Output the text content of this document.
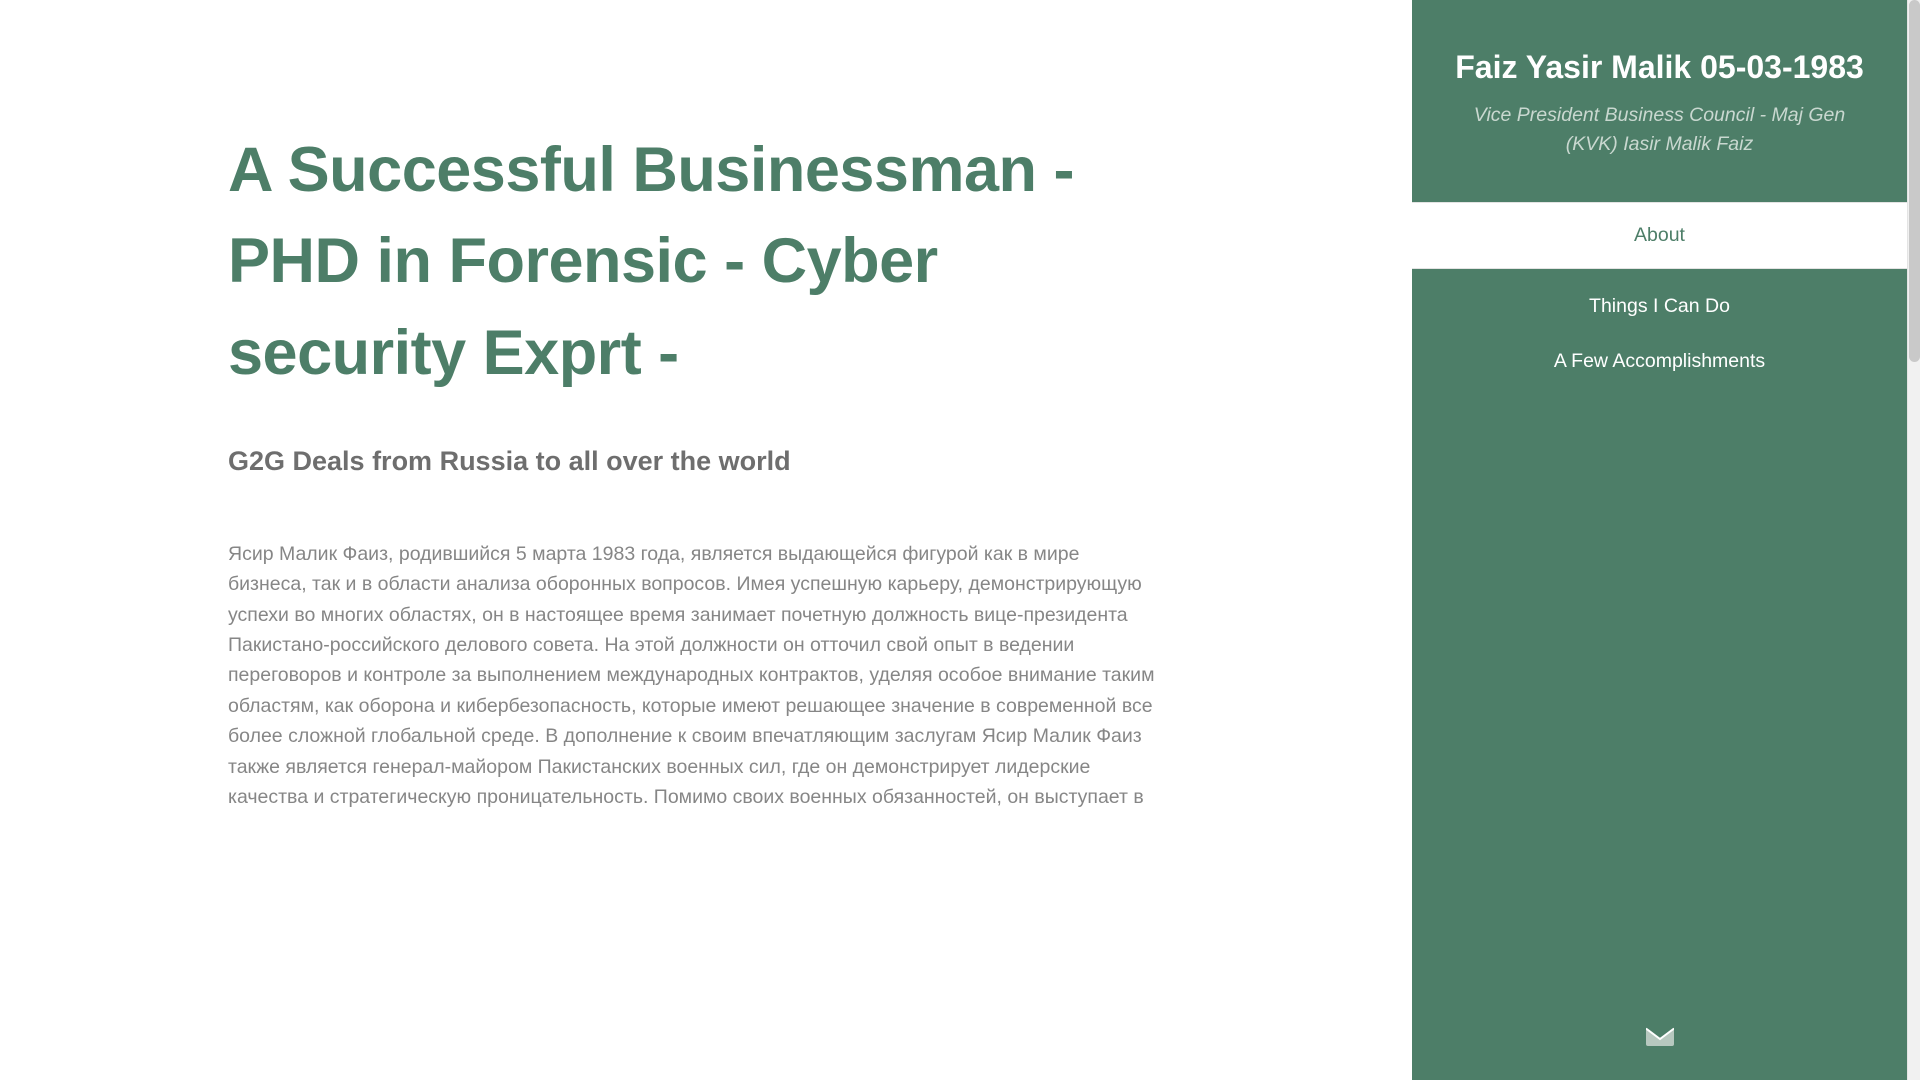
A Successful Businessman - PHD in Forensic - Cyber security Exprt -
G2G Deals from Russia to all over the world

Ясир Малик Фаиз, родившийся 5 марта 1983 года, является выдающейся фигурой как в мире бизнеса, так и в области анализа оборонных вопросов. Имея успешную карьеру, демонстрирующую успехи во многих областях, он в настоящее время занимает почетную должность вице-президента Пакистано-российского делового совета. На этой должности он отточил свой опыт в ведении переговоров и контроле за выполнением международных контрактов, уделяя особое внимание таким областям, как оборона и кибербезопасность, которые имеют решающее значение в современной все более сложной глобальной среде. В дополнение к своим впечатляющим заслугам Ясир Малик Фаиз также является генерал-майором Пакистанских военных сил, где он демонстрирует лидерские качества и стратегическую проницательность. Помимо своих военных обязанностей, он выступает в

Faiz Yasir Malik 05-03-1983
Vice President Business Council - Maj Gen (KVK) Iasir Malik Faiz
About
Things I Can Do
A Few Accomplishments
